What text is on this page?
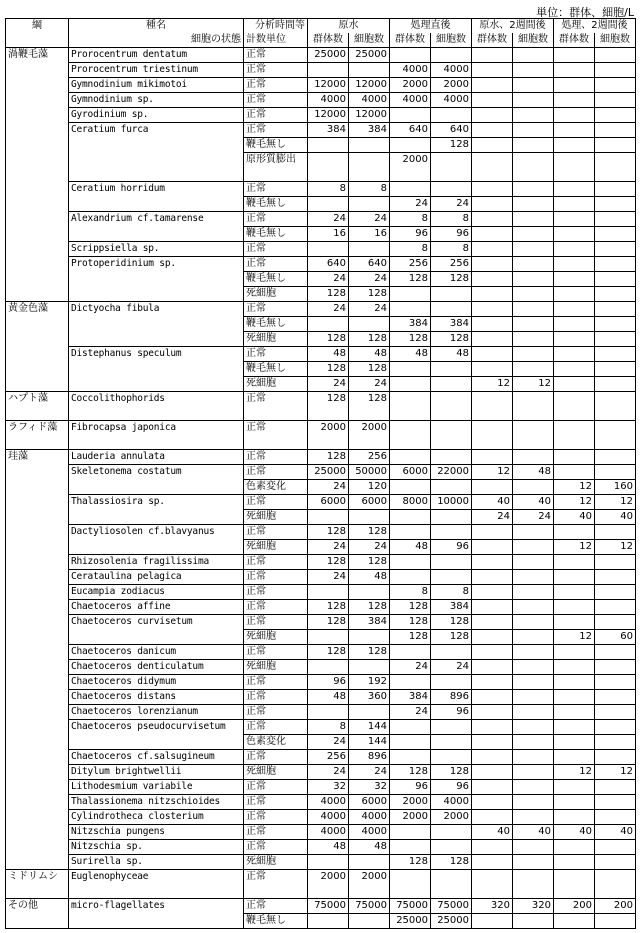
単位：群体、細胞/L
綱	種名	分析時間等	原水		処理直後		原水、2週間後		処理、2週間後	
	細胞の状態	計数単位	群体数	細胞数	群体数	細胞数	群体数	細胞数	群体数	細胞数
渦鞭毛藻	Prorocentrum dentatum	正常	25000	25000						
	Prorocentrum triestinum	正常			4000	4000				
	Gymnodinium mikimotoi	正常	12000	12000	2000	2000				
	Gymnodinium sp.	正常	4000	4000	4000	4000				
	Gyrodinium sp.	正常	12000	12000						
	Ceratium furca	正常	384	384	640	640				
		鞭毛無し				128				
		原形質膨出			2000					

	Ceratium horridum	正常	8	8						
		鞭毛無し			24	24				
	Alexandrium cf.tamarense	正常	24	24	8	8				
		鞭毛無し	16	16	96	96				
	Scrippsiella sp.	正常			8	8				
	Protoperidinium sp.	正常	640	640	256	256				
		鞭毛無し	24	24	128	128				
		死細胞	128	128						
黄金色藻	Dictyocha fibula	正常	24	24						
		鞭毛無し			384	384				
		死細胞	128	128	128	128				
	Distephanus speculum	正常	48	48	48	48				
		鞭毛無し	128	128						
		死細胞	24	24			12	12		
ハプト藻	Coccolithophorids	正常	128	128						
ラフィド藻	Fibrocapsa japonica	正常	2000	2000						
珪藻	Lauderia annulata	正常	128	256						
	Skeletonema costatum	正常	25000	50000	6000	22000	12	48		
		色素変化	24	120					12	160
	Thalassiosira sp.	正常	6000	6000	8000	10000	40	40	12	12
		死細胞					24	24	40	40
	Dactyliosolen cf.blavyanus	正常	128	128						
		死細胞	24	24	48	96			12	12
	Rhizosolenia fragilissima	正常	128	128						
	Cerataulina pelagica	正常	24	48						
	Eucampia zodiacus	正常			8	8				
	Chaetoceros affine	正常	128	128	128	384				
	Chaetoceros curvisetum	正常	128	384	128	128				
		死細胞			128	128			12	60
	Chaetoceros danicum	正常	128	128						
	Chaetoceros denticulatum	死細胞			24	24				
	Chaetoceros didymum	正常	96	192						
	Chaetoceros distans	正常	48	360	384	896				
	Chaetoceros lorenzianum	正常			24	96				
	Chaetoceros pseudocurvisetum	正常	8	144						
		色素変化	24	144						
	Chaetoceros cf.salsugineum	正常	256	896						
	Ditylum brightwellii	死細胞	24	24	128	128			12	12
	Lithodesmium variabile	正常	32	32	96	96				
	Thalassionema nitzschioides	正常	4000	6000	2000	4000				
	Cylindrotheca closterium	正常	4000	4000	2000	2000				
	Nitzschia pungens	正常	4000	4000			40	40	40	40
	Nitzschia sp.	正常	48	48						
	Surirella sp.	死細胞			128	128				
ミドリムシ	Euglenophyceae	正常	2000	2000						
その他	micro-flagellates	正常	75000	75000	75000	75000	320	320	200	200
		鞭毛無し			25000	25000				
